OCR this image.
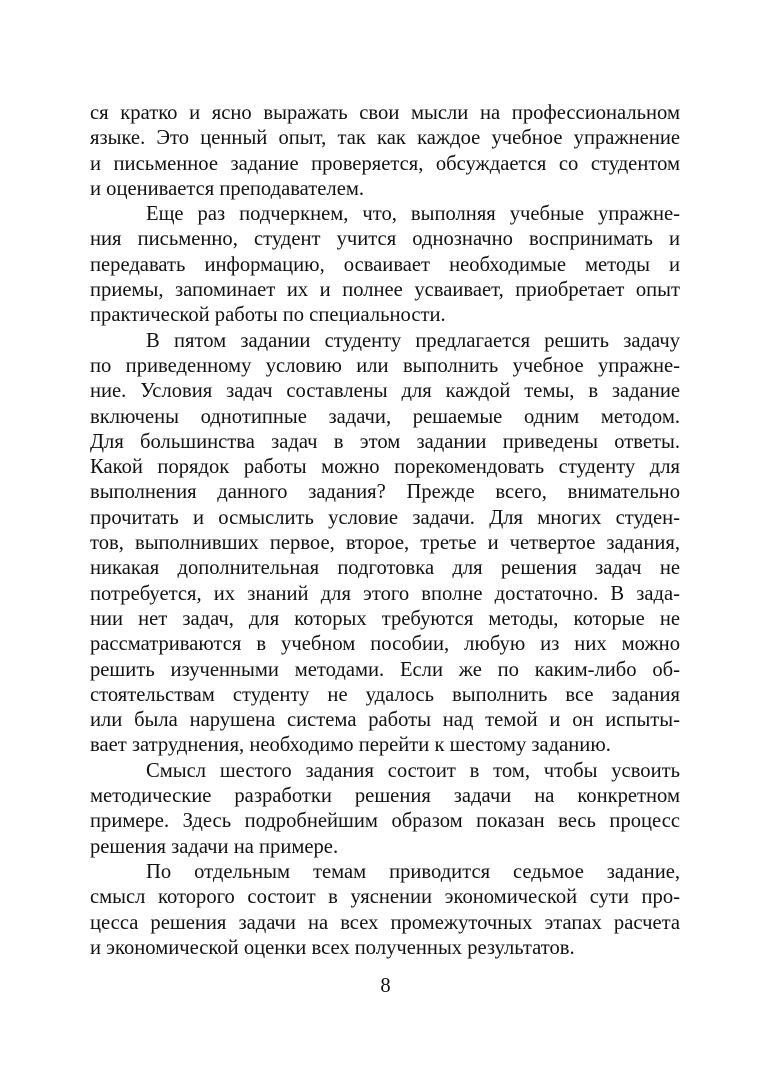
ся кратко и ясно выражать свои мысли на профессиональном
языке. Это ценный опыт, так как каждое учебное упражнение
и письменное задание проверяется, обсуждается со студентом
и оценивается преподавателем.
Еще раз подчеркнем, что, выполняя учебные упражне-
ния письменно, студент учится однозначно воспринимать и
передавать информацию, осваивает необходимые методы и
приемы, запоминает их и полнее усваивает, приобретает опыт
практической работы по специальности.
В пятом задании студенту предлагается решить задачу
по приведенному условию или выполнить учебное упражне-
ние. Условия задач составлены для каждой темы, в задание
включены однотипные задачи, решаемые одним методом.
Для большинства задач в этом задании приведены ответы.
Какой порядок работы можно порекомендовать студенту для
выполнения данного задания? Прежде всего, внимательно
прочитать и осмыслить условие задачи. Для многих студен-
тов, выполнивших первое, второе, третье и четвертое задания,
никакая дополнительная подготовка для решения задач не
потребуется, их знаний для этого вполне достаточно. В зада-
нии нет задач, для которых требуются методы, которые не
рассматриваются в учебном пособии, любую из них можно
решить изученными методами. Если же по каким-либо об-
стоятельствам студенту не удалось выполнить все задания
или была нарушена система работы над темой и он испыты-
вает затруднения, необходимо перейти к шестому заданию.
Смысл шестого задания состоит в том, чтобы усвоить
методические разработки решения задачи на конкретном
примере. Здесь подробнейшим образом показан весь процесс
решения задачи на примере.
По отдельным темам приводится седьмое задание,
смысл которого состоит в уяснении экономической сути про-
цесса решения задачи на всех промежуточных этапах расчета
и экономической оценки всех полученных результатов.
8
